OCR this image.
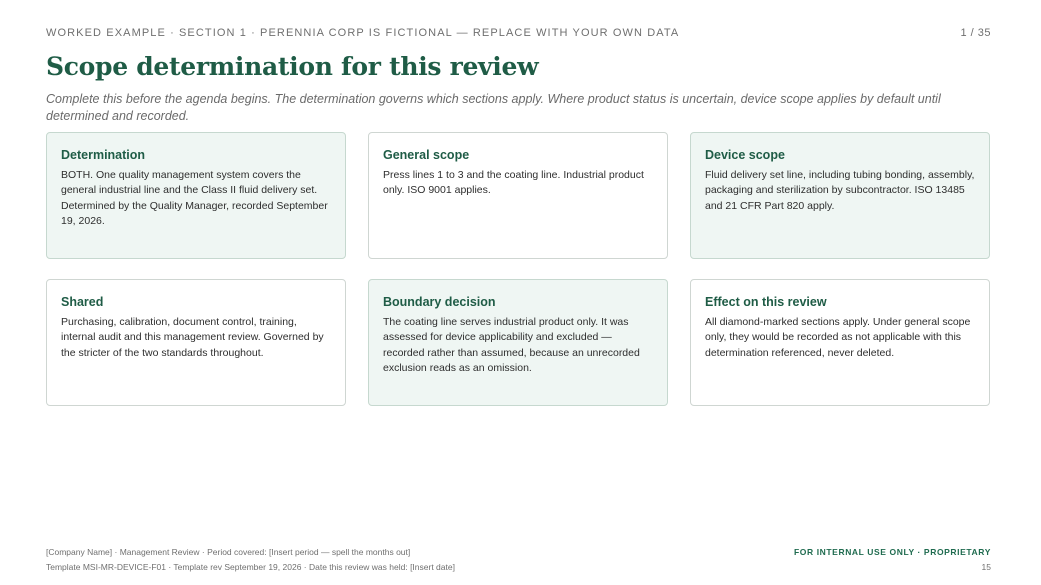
WORKED EXAMPLE · SECTION 1 · PERENNIA CORP IS FICTIONAL — REPLACE WITH YOUR OWN DATA	1 / 35
Scope determination for this review

Complete this before the agenda begins. The determination governs which sections apply. Where product status is uncertain, device scope applies by default until determined and recorded.

Determination

BOTH. One quality management system covers the general industrial line and the Class II fluid delivery set. Determined by the Quality Manager, recorded September 19, 2026.

General scope

Press lines 1 to 3 and the coating line. Industrial product only. ISO 9001 applies.

Device scope

Fluid delivery set line, including tubing bonding, assembly, packaging and sterilization by subcontractor. ISO 13485 and 21 CFR Part 820 apply.

Shared

Purchasing, calibration, document control, training, internal audit and this management review. Governed by the stricter of the two standards throughout.

Boundary decision

The coating line serves industrial product only. It was assessed for device applicability and excluded — recorded rather than assumed, because an unrecorded exclusion reads as an omission.

Effect on this review

All diamond-marked sections apply. Under general scope only, they would be recorded as not applicable with this determination referenced, never deleted.

[Company Name] · Management Review · Period covered: [Insert period — spell the months out]
Template MSI-MR-DEVICE-F01 · Template rev September 19, 2026 · Date this review was held: [Insert date]
FOR INTERNAL USE ONLY · PROPRIETARY
15
